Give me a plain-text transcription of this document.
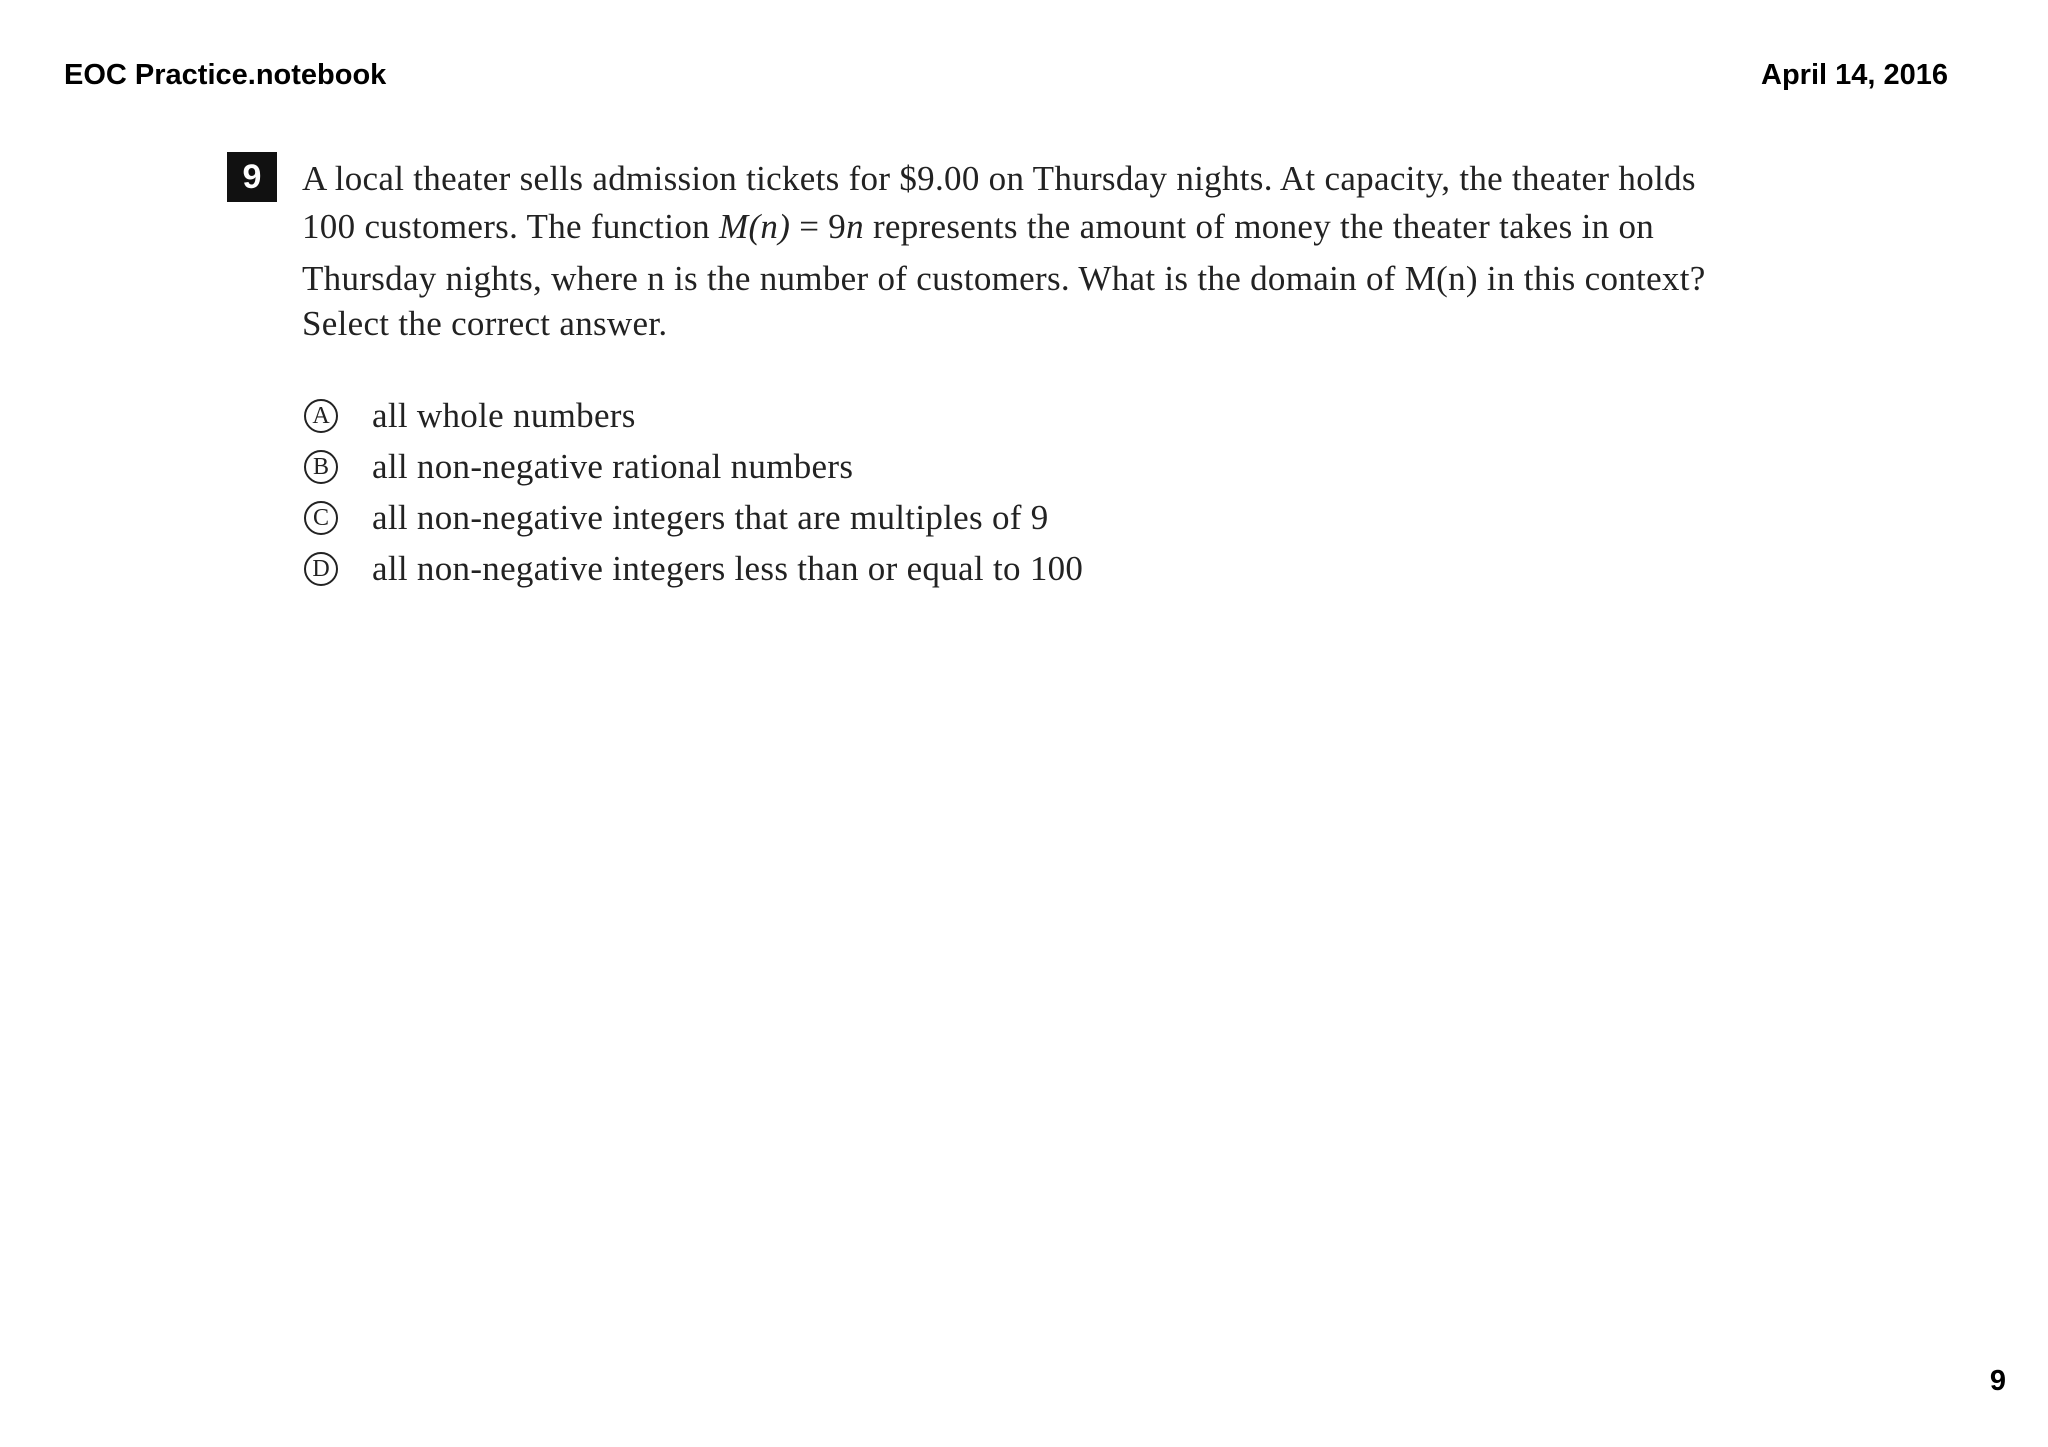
EOC Practice.notebook	April 14, 2016
9	A local theater sells admission tickets for $9.00 on Thursday nights. At capacity, the theater holds
100 customers. The function M(n) = 9n represents the amount of money the theater takes in on
Thursday nights, where n is the number of customers. What is the domain of M(n) in this context?
Select the correct answer.
A all whole numbers
B all non-negative rational numbers
C all non-negative integers that are multiples of 9
D all non-negative integers less than or equal to 100
9
